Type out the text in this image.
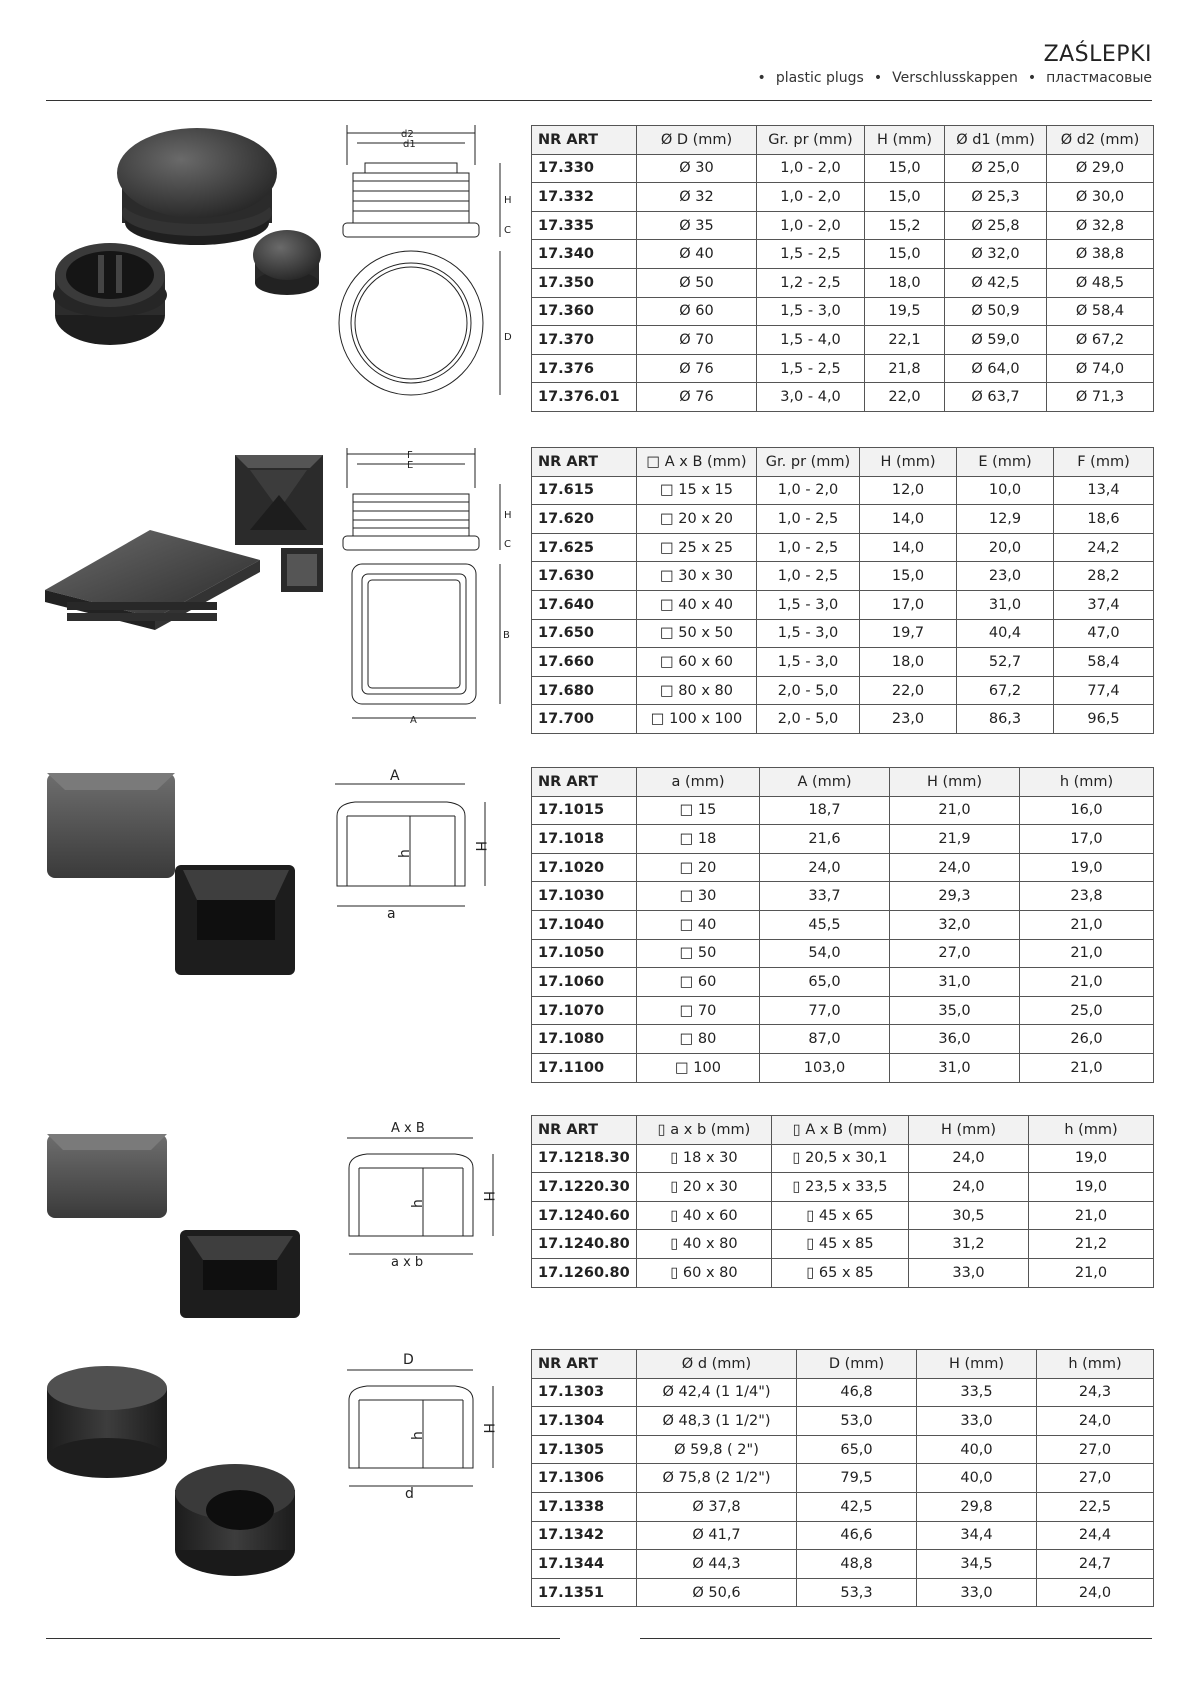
ZAŚLEPKI
• plastic plugs • Verschlusskappen • пластмасовые
d2
d1
H
C
D
NR ART	Ø D (mm)	Gr. pr (mm)	H (mm)	Ø d1 (mm)	Ø d2 (mm)
17.330	Ø 30	1,0 - 2,0	15,0	Ø 25,0	Ø 29,0
17.332	Ø 32	1,0 - 2,0	15,0	Ø 25,3	Ø 30,0
17.335	Ø 35	1,0 - 2,0	15,2	Ø 25,8	Ø 32,8
17.340	Ø 40	1,5 - 2,5	15,0	Ø 32,0	Ø 38,8
17.350	Ø 50	1,2 - 2,5	18,0	Ø 42,5	Ø 48,5
17.360	Ø 60	1,5 - 3,0	19,5	Ø 50,9	Ø 58,4
17.370	Ø 70	1,5 - 4,0	22,1	Ø 59,0	Ø 67,2
17.376	Ø 76	1,5 - 2,5	21,8	Ø 64,0	Ø 74,0
17.376.01	Ø 76	3,0 - 4,0	22,0	Ø 63,7	Ø 71,3
F
E
H
C
B
A
NR ART	□ A x B (mm)	Gr. pr (mm)	H (mm)	E (mm)	F (mm)
17.615	□ 15 x 15	1,0 - 2,0	12,0	10,0	13,4
17.620	□ 20 x 20	1,0 - 2,5	14,0	12,9	18,6
17.625	□ 25 x 25	1,0 - 2,5	14,0	20,0	24,2
17.630	□ 30 x 30	1,0 - 2,5	15,0	23,0	28,2
17.640	□ 40 x 40	1,5 - 3,0	17,0	31,0	37,4
17.650	□ 50 x 50	1,5 - 3,0	19,7	40,4	47,0
17.660	□ 60 x 60	1,5 - 3,0	18,0	52,7	58,4
17.680	□ 80 x 80	2,0 - 5,0	22,0	67,2	77,4
17.700	□ 100 x 100	2,0 - 5,0	23,0	86,3	96,5
A
H
h
a
NR ART	a (mm)	A (mm)	H (mm)	h (mm)
17.1015	□ 15	18,7	21,0	16,0
17.1018	□ 18	21,6	21,9	17,0
17.1020	□ 20	24,0	24,0	19,0
17.1030	□ 30	33,7	29,3	23,8
17.1040	□ 40	45,5	32,0	21,0
17.1050	□ 50	54,0	27,0	21,0
17.1060	□ 60	65,0	31,0	21,0
17.1070	□ 70	77,0	35,0	25,0
17.1080	□ 80	87,0	36,0	26,0
17.1100	□ 100	103,0	31,0	21,0
A x B
H
h
a x b
NR ART	▯ a x b (mm)	▯ A x B (mm)	H (mm)	h (mm)
17.1218.30	▯ 18 x 30	▯ 20,5 x 30,1	24,0	19,0
17.1220.30	▯ 20 x 30	▯ 23,5 x 33,5	24,0	19,0
17.1240.60	▯ 40 x 60	▯ 45 x 65	30,5	21,0
17.1240.80	▯ 40 x 80	▯ 45 x 85	31,2	21,2
17.1260.80	▯ 60 x 80	▯ 65 x 85	33,0	21,0
D
H
h
d
NR ART	Ø d (mm)	D (mm)	H (mm)	h (mm)
17.1303	Ø 42,4 (1 1/4")	46,8	33,5	24,3
17.1304	Ø 48,3 (1 1/2")	53,0	33,0	24,0
17.1305	Ø 59,8 ( 2")	65,0	40,0	27,0
17.1306	Ø 75,8 (2 1/2")	79,5	40,0	27,0
17.1338	Ø 37,8	42,5	29,8	22,5
17.1342	Ø 41,7	46,6	34,4	24,4
17.1344	Ø 44,3	48,8	34,5	24,7
17.1351	Ø 50,6	53,3	33,0	24,0
